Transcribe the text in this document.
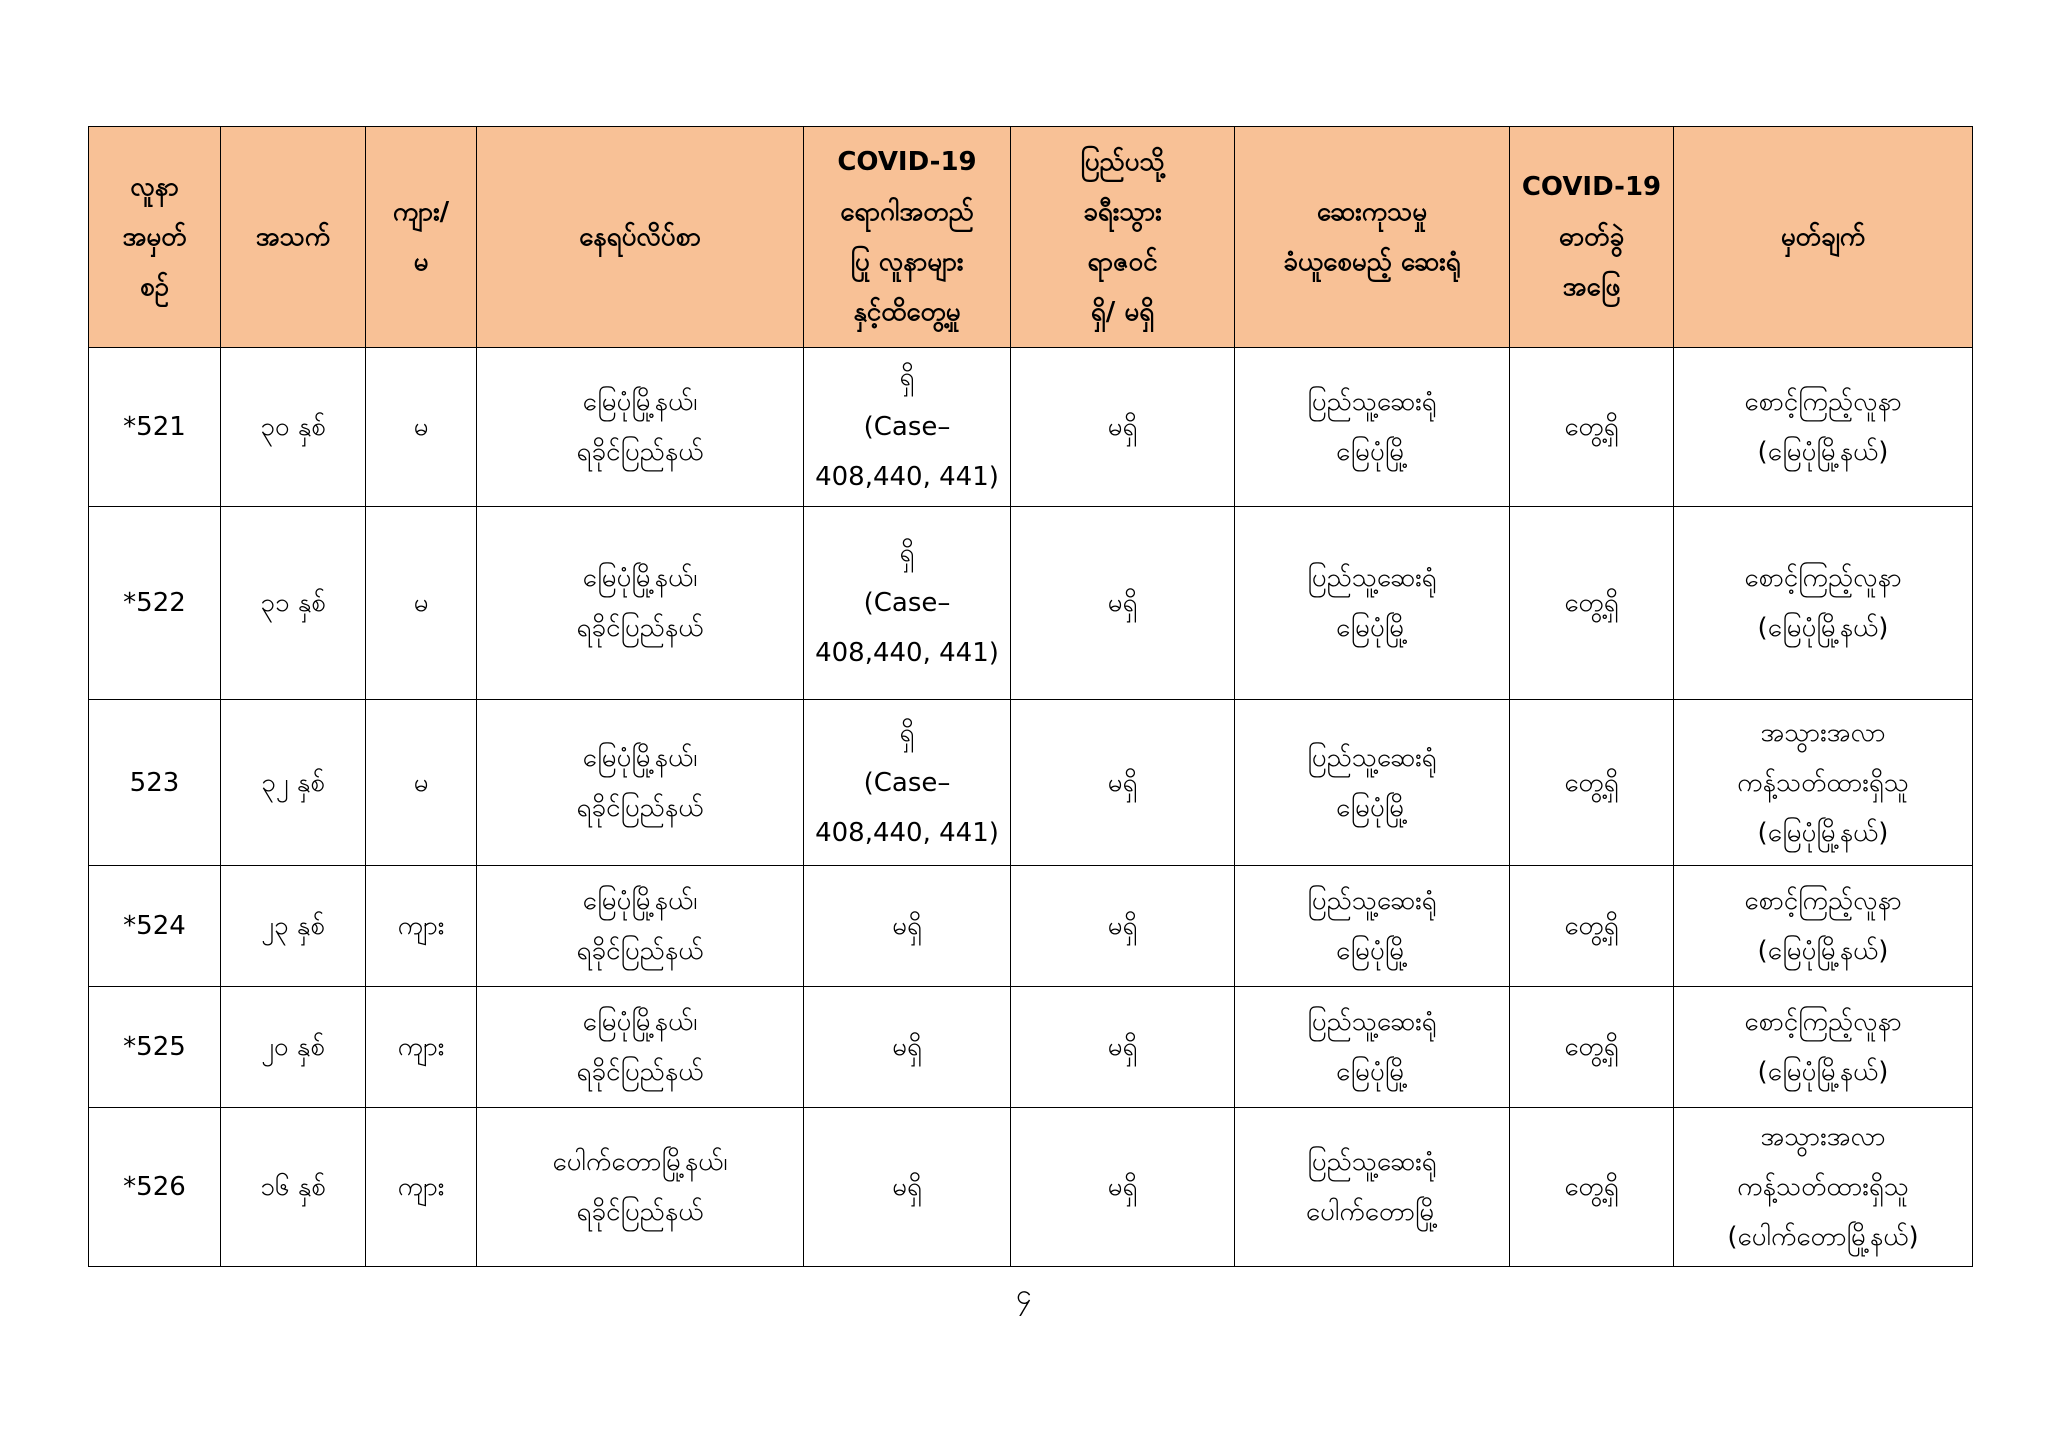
လူနာ
အမှတ်
စဉ်	အသက်	ကျား/
မ	နေရပ်လိပ်စာ	COVID-19
ရောဂါအတည်
ပြု လူနာများ
နှင့်ထိတွေ့မှု	ပြည်ပသို့
ခရီးသွား
ရာဇဝင်
ရှိ/ မရှိ	ဆေးကုသမှု
ခံယူစေမည့် ဆေးရုံ	COVID-19
ဓာတ်ခွဲ
အဖြေ	မှတ်ချက်

*521	၃၀ နှစ်	မ	မြေပုံမြို့နယ်၊
ရခိုင်ပြည်နယ်	ရှိ
(Case–
408,440, 441)	မရှိ	ပြည်သူ့ဆေးရုံ
မြေပုံမြို့	တွေ့ရှိ	စောင့်ကြည့်လူနာ
(မြေပုံမြို့နယ်)

*522	၃၁ နှစ်	မ	မြေပုံမြို့နယ်၊
ရခိုင်ပြည်နယ်	ရှိ
(Case–
408,440, 441)	မရှိ	ပြည်သူ့ဆေးရုံ
မြေပုံမြို့	တွေ့ရှိ	စောင့်ကြည့်လူနာ
(မြေပုံမြို့နယ်)

523	၃၂ နှစ်	မ	မြေပုံမြို့နယ်၊
ရခိုင်ပြည်နယ်	ရှိ
(Case–
408,440, 441)	မရှိ	ပြည်သူ့ဆေးရုံ
မြေပုံမြို့	တွေ့ရှိ	အသွားအလာ
ကန့်သတ်ထားရှိသူ
(မြေပုံမြို့နယ်)

*524	၂၃ နှစ်	ကျား	မြေပုံမြို့နယ်၊
ရခိုင်ပြည်နယ်	မရှိ	မရှိ	ပြည်သူ့ဆေးရုံ
မြေပုံမြို့	တွေ့ရှိ	စောင့်ကြည့်လူနာ
(မြေပုံမြို့နယ်)

*525	၂၀ နှစ်	ကျား	မြေပုံမြို့နယ်၊
ရခိုင်ပြည်နယ်	မရှိ	မရှိ	ပြည်သူ့ဆေးရုံ
မြေပုံမြို့	တွေ့ရှိ	စောင့်ကြည့်လူနာ
(မြေပုံမြို့နယ်)

*526	၁၆ နှစ်	ကျား	ပေါက်တောမြို့နယ်၊
ရခိုင်ပြည်နယ်	မရှိ	မရှိ	ပြည်သူ့ဆေးရုံ
ပေါက်တောမြို့	တွေ့ရှိ	အသွားအလာ
ကန့်သတ်ထားရှိသူ
(ပေါက်တောမြို့နယ်)
၄
